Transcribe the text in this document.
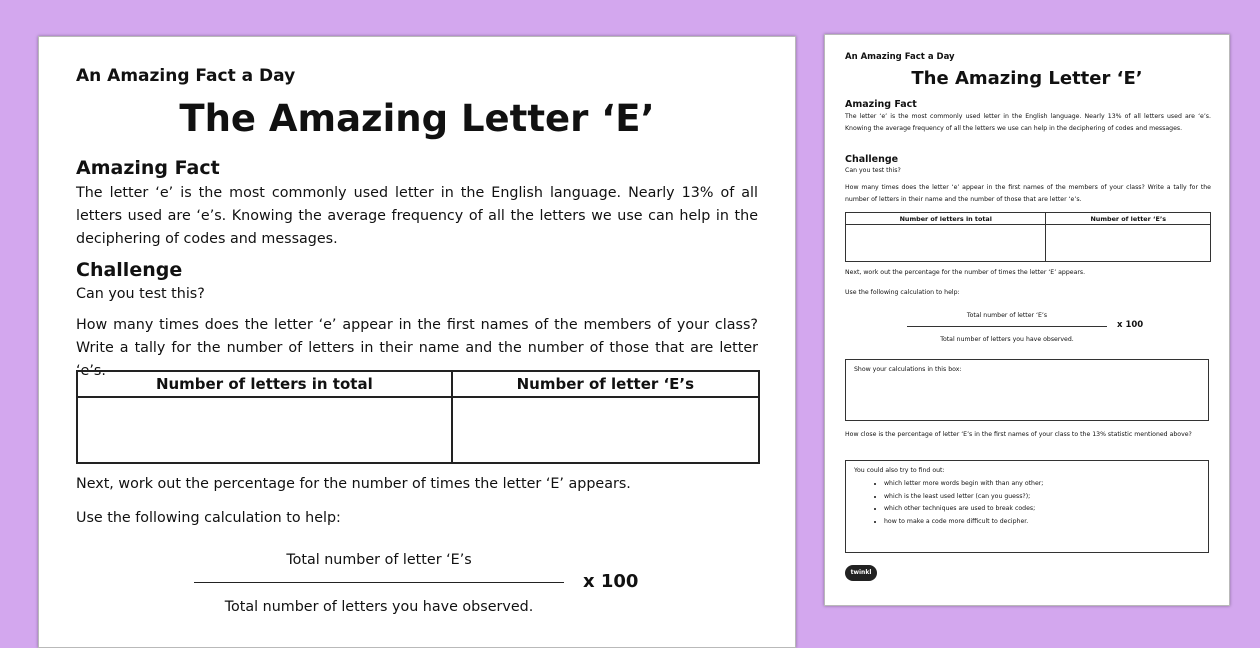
An Amazing Fact a Day
The Amazing Letter ‘E’
Amazing Fact

The letter ‘e’ is the most commonly used letter in the English language. Nearly 13% of all letters used are ‘e’s. Knowing the average frequency of all the letters we use can help in the deciphering of codes and messages.

Challenge

Can you test this?

How many times does the letter ‘e’ appear in the first names of the members of your class? Write a tally for the number of letters in their name and the number of those that are letter ‘e’s.

Number of letters in total	Number of letter ‘E’s

Next, work out the percentage for the number of times the letter ‘E’ appears.

Use the following calculation to help:

Total number of letter ‘E’s
x 100
Total number of letters you have observed.
An Amazing Fact a Day
The Amazing Letter ‘E’
Amazing Fact

The letter ‘e’ is the most commonly used letter in the English language. Nearly 13% of all letters used are ‘e’s. Knowing the average frequency of all the letters we use can help in the deciphering of codes and messages.

Challenge

Can you test this?

How many times does the letter ‘e’ appear in the first names of the members of your class? Write a tally for the number of letters in their name and the number of those that are letter ‘e’s.

Number of letters in total	Number of letter ‘E’s

Next, work out the percentage for the number of times the letter ‘E’ appears.

Use the following calculation to help:

Total number of letter ‘E’s
x 100
Total number of letters you have observed.
Show your calculations in this box:

How close is the percentage of letter ‘E’s in the first names of your class to the 13% statistic mentioned above?

You could also try to find out:
• which letter more words begin with than any other;
• which is the least used letter (can you guess?);
• which other techniques are used to break codes;
• how to make a code more difficult to decipher.
twinkl
